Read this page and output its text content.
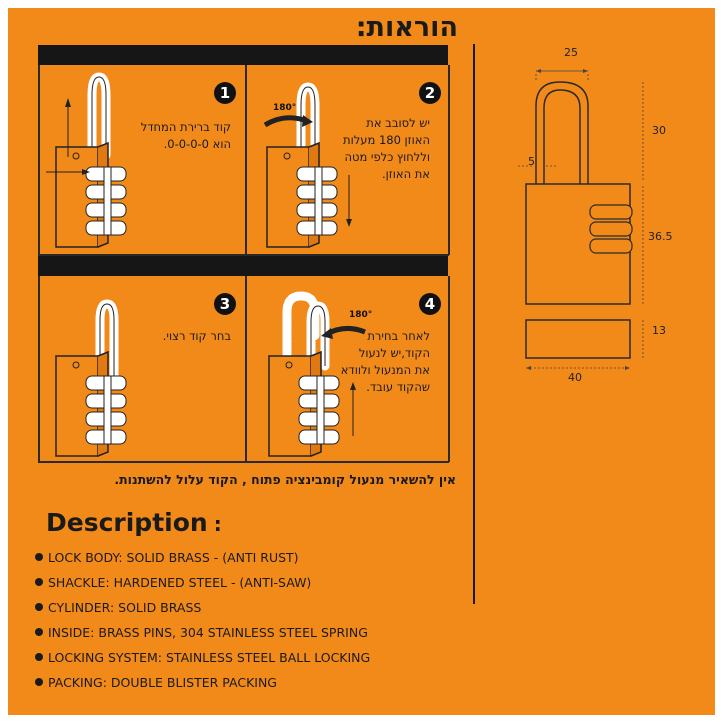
הוראות:
1
קוד ברירת המחדל
הוא 0-0-0-0.
2
יש לסובב את
האוזן 180 מעלות
וללחוץ כלפי מטה
את האוזן.
180°
3
בחר קוד רצוי.
4
לאחר בחירת
הקוד,יש לנעול
את המנעול ולוודא
שהקוד עובד.
180°
אין להשאיר מנעול קומבינציה פתוח , הקוד עלול להשתנות.
Description :
LOCK BODY: SOLID BRASS - (ANTI RUST)
SHACKLE: HARDENED STEEL - (ANTI-SAW)
CYLINDER: SOLID BRASS
INSIDE: BRASS PINS, 304 STAINLESS STEEL SPRING
LOCKING SYSTEM: STAINLESS STEEL BALL LOCKING
PACKING: DOUBLE BLISTER PACKING
25
30
5
36.5
13
40
